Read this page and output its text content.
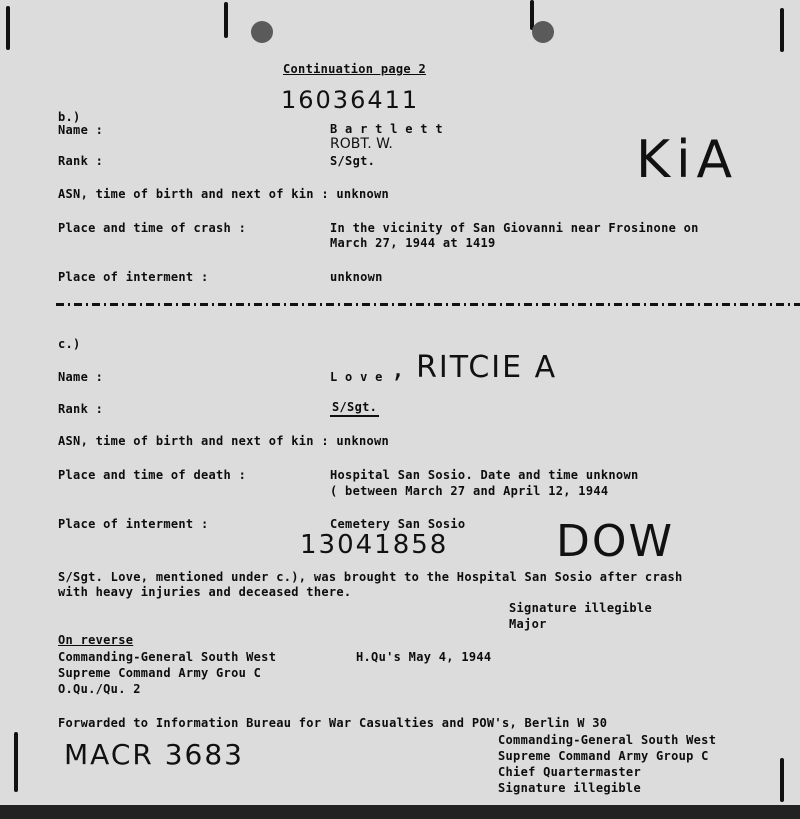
Continuation page 2
16036411
b.)
Name :	B a r t l e t t
ROBT. W.
Rank :	S/Sgt.	KiA
ASN, time of birth and next of kin : unknown
Place and time of crash :	In the vicinity of San Giovanni near Frosinone on
March 27, 1944 at 1419
Place of interment :	unknown
c.)
Name :	L o v e , RITCIE A
Rank :	S/Sgt.
ASN, time of birth and next of kin : unknown
Place and time of death :	Hospital San Sosio. Date and time unknown
( between March 27 and April 12, 1944
Place of interment :	Cemetery San Sosio
13041858 DOW
S/Sgt. Love, mentioned under c.), was brought to the Hospital San Sosio after crash
with heavy injuries and deceased there.
Signature illegible
Major
On reverse
Commanding-General South West	H.Qu's May 4, 1944
Supreme Command Army Grou C
O.Qu./Qu. 2
Forwarded to Information Bureau for War Casualties and POW's, Berlin W 30
Commanding-General South West
Supreme Command Army Group C
Chief Quartermaster
Signature illegible
MACR 3683
